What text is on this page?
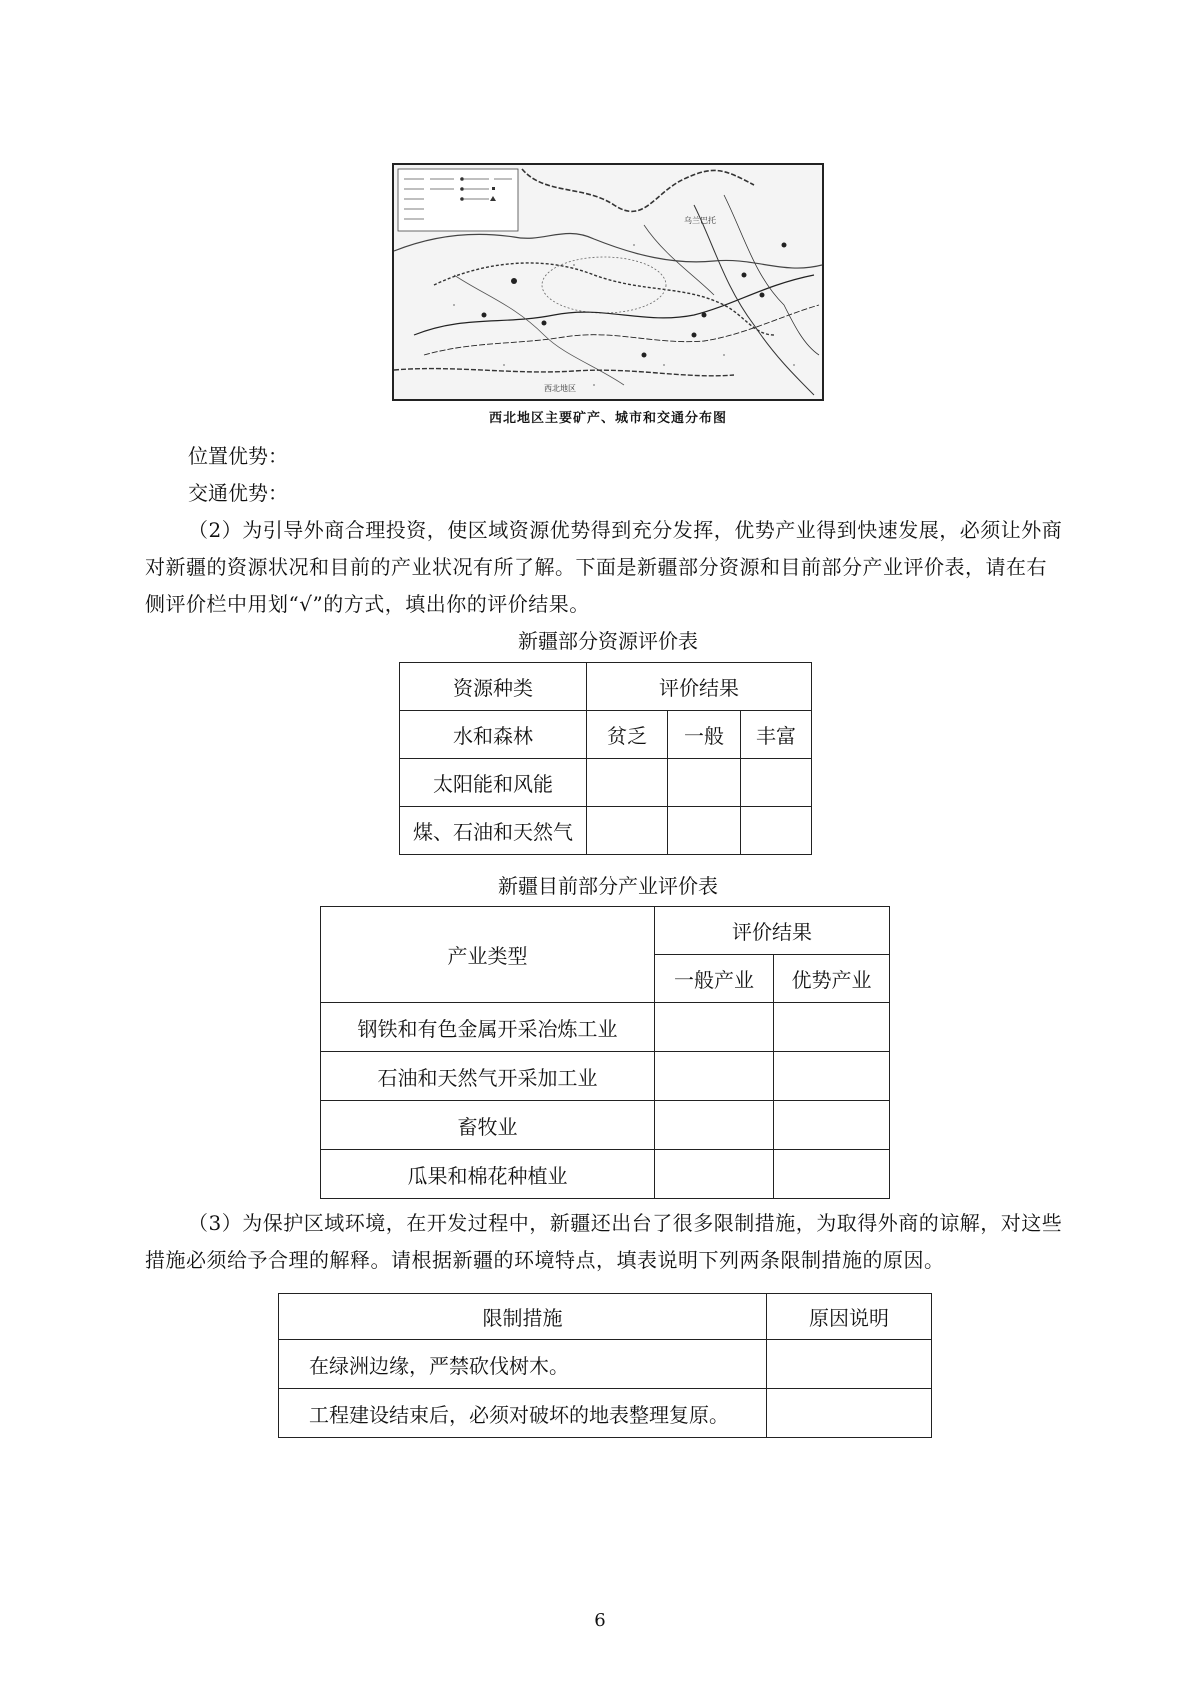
乌兰巴托
西北地区
西北地区主要矿产、城市和交通分布图
位置优势：
交通优势：
（2）为引导外商合理投资，使区域资源优势得到充分发挥，优势产业得到快速发展，必须让外商对新疆的资源状况和目前的产业状况有所了解。下面是新疆部分资源和目前部分产业评价表，请在右侧评价栏中用划“√”的方式，填出你的评价结果。
新疆部分资源评价表
资源种类	评价结果		
水和森林	贫乏	一般	丰富
太阳能和风能			
煤、石油和天然气			
新疆目前部分产业评价表
产业类型	评价结果	
	一般产业	优势产业
钢铁和有色金属开采冶炼工业		
石油和天然气开采加工业		
畜牧业		
瓜果和棉花种植业		
（3）为保护区域环境，在开发过程中，新疆还出台了很多限制措施，为取得外商的谅解，对这些措施必须给予合理的解释。请根据新疆的环境特点，填表说明下列两条限制措施的原因。
限制措施	原因说明
在绿洲边缘，严禁砍伐树木。	
工程建设结束后，必须对破坏的地表整理复原。	
6
